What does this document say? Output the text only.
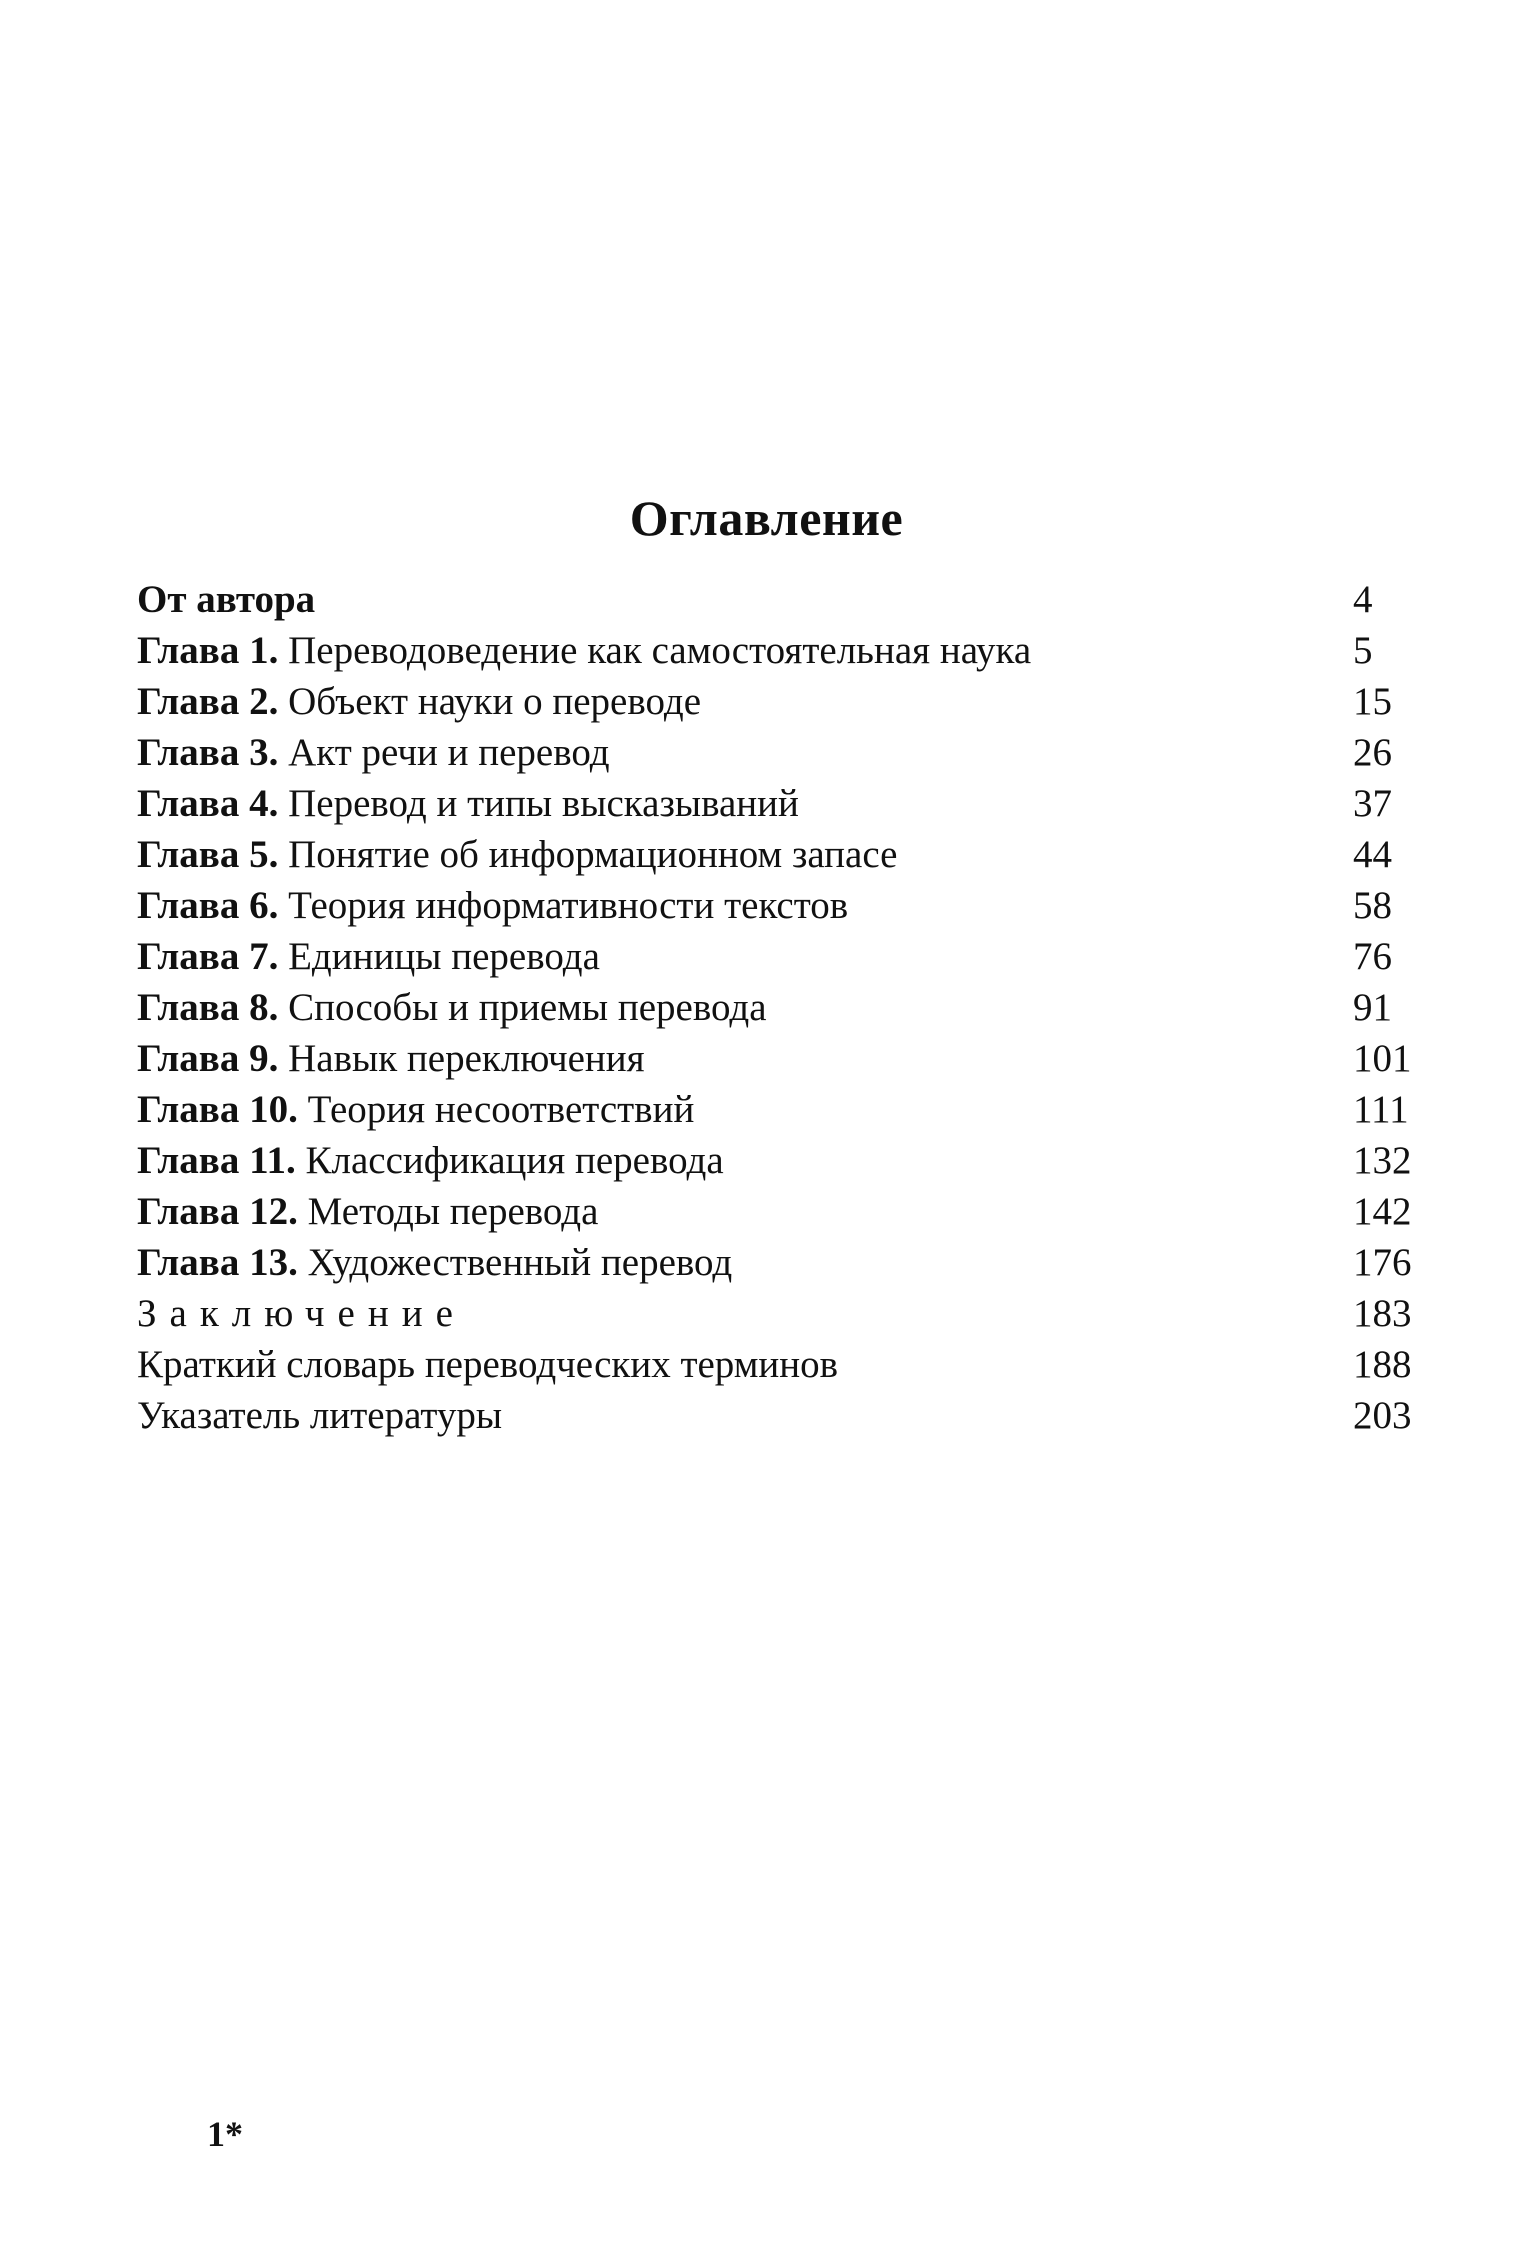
Оглавление
От автора	4
Глава 1. Переводоведение как самостоятельная наука	5
Глава 2. Объект науки о переводе	15
Глава 3. Акт речи и перевод	26
Глава 4. Перевод и типы высказываний	37
Глава 5. Понятие об информационном запасе	44
Глава 6. Теория информативности текстов	58
Глава 7. Единицы перевода	76
Глава 8. Способы и приемы перевода	91
Глава 9. Навык переключения	101
Глава 10. Теория несоответствий	111
Глава 11. Классификация перевода	132
Глава 12. Методы перевода	142
Глава 13. Художественный перевод	176
Заключение	183
Краткий словарь переводческих терминов	188
Указатель литературы	203
1*
